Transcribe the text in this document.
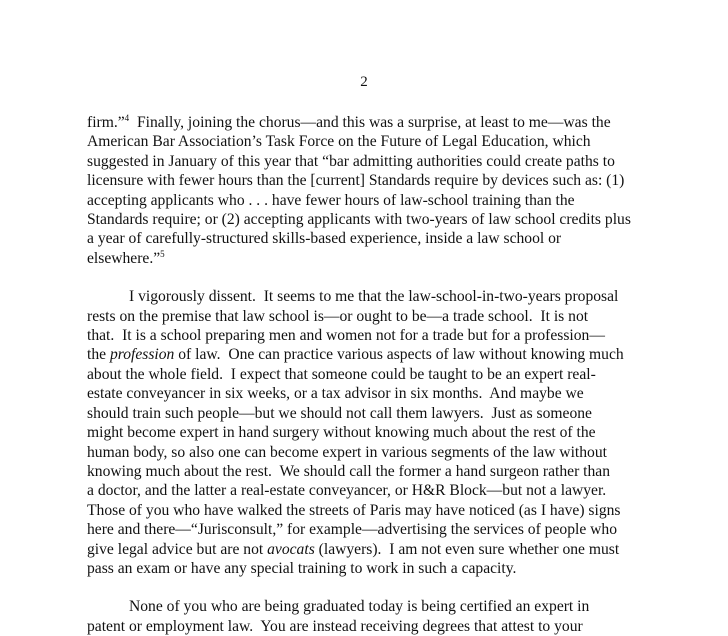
2
firm.”$^4$  Finally, joining the chorus—and this was a surprise, at least to me—was the
American Bar Association’s Task Force on the Future of Legal Education, which
suggested in January of this year that “bar admitting authorities could create paths to
licensure with fewer hours than the [current] Standards require by devices such as: (1)
accepting applicants who . . . have fewer hours of law-school training than the
Standards require; or (2) accepting applicants with two-years of law school credits plus
a year of carefully-structured skills-based experience, inside a law school or
elsewhere.”$^5$
I vigorously dissent.  It seems to me that the law-school-in-two-years proposal
rests on the premise that law school is—or ought to be—a trade school.  It is not
that.  It is a school preparing men and women not for a trade but for a profession—
the profession of law.  One can practice various aspects of law without knowing much
about the whole field.  I expect that someone could be taught to be an expert real-
estate conveyancer in six weeks, or a tax advisor in six months.  And maybe we
should train such people—but we should not call them lawyers.  Just as someone
might become expert in hand surgery without knowing much about the rest of the
human body, so also one can become expert in various segments of the law without
knowing much about the rest.  We should call the former a hand surgeon rather than
a doctor, and the latter a real-estate conveyancer, or H&R Block—but not a lawyer.
Those of you who have walked the streets of Paris may have noticed (as I have) signs
here and there—“Jurisconsult,” for example—advertising the services of people who
give legal advice but are not avocats (lawyers).  I am not even sure whether one must
pass an exam or have any special training to work in such a capacity.
None of you who are being graduated today is being certified an expert in
patent or employment law.  You are instead receiving degrees that attest to your
